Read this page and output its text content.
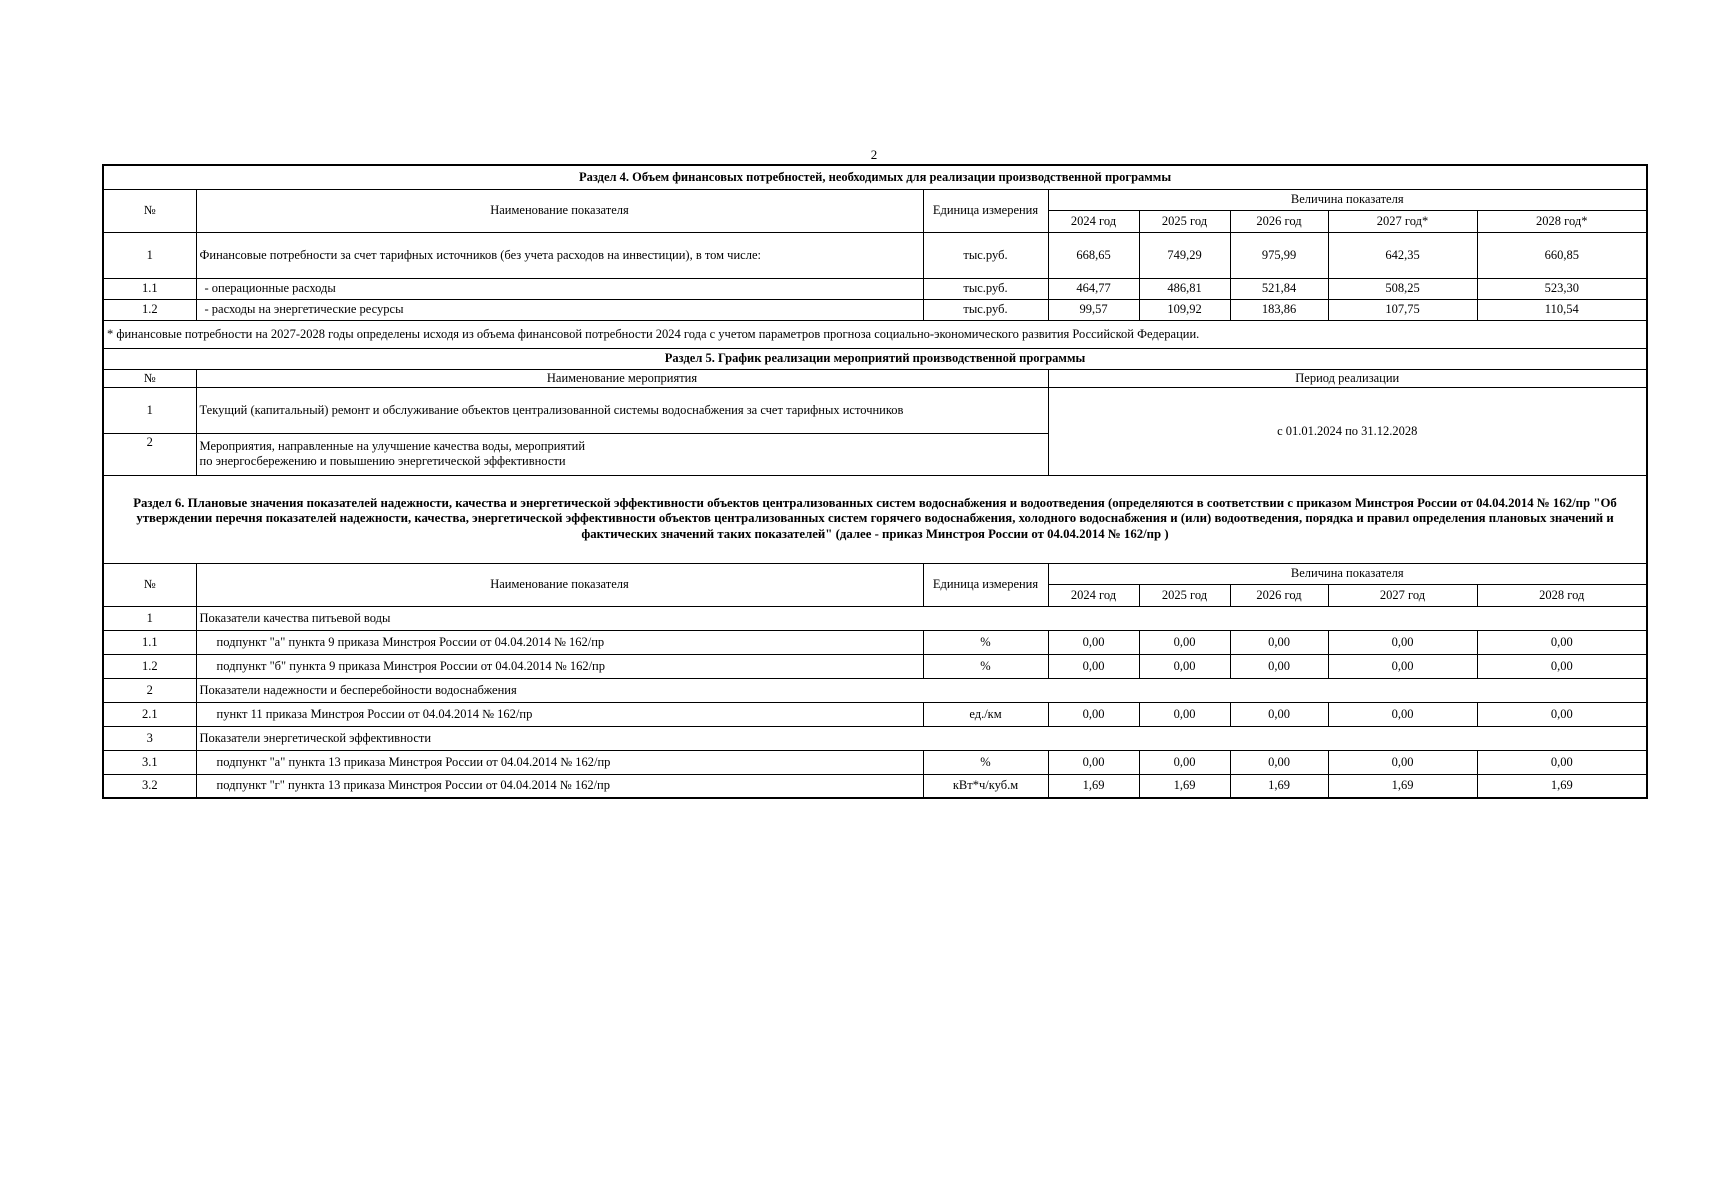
2
Раздел 4. Объем финансовых потребностей, необходимых для реализации производственной программы							
№	Наименование показателя	Единица измерения	Величина показателя				
			2024 год	2025 год	2026 год	2027 год*	2028 год*
1	Финансовые потребности за счет тарифных источников (без учета расходов на инвестиции), в том числе:	тыс.руб.	668,65	749,29	975,99	642,35	660,85
1.1	- операционные расходы	тыс.руб.	464,77	486,81	521,84	508,25	523,30
1.2	- расходы на энергетические ресурсы	тыс.руб.	99,57	109,92	183,86	107,75	110,54
* финансовые потребности на 2027-2028 годы определены исходя из объема финансовой потребности 2024 года с учетом параметров прогноза социально-экономического развития Российской Федерации.							
Раздел 5. График реализации мероприятий производственной программы							
№	Наименование мероприятия		Период реализации				
1	Текущий (капитальный) ремонт и обслуживание объектов централизованной системы водоснабжения за счет тарифных источников		с 01.01.2024 по 31.12.2028				
2	Мероприятия, направленные на улучшение качества воды, мероприятий
по энергосбережению и повышению энергетической эффективности						

Раздел 6. Плановые значения показателей надежности, качества и энергетической эффективности объектов централизованных систем водоснабжения и водоотведения (определяются в соответствии с приказом Минстроя России от 04.04.2014 № 162/пр "Об утверждении перечня показателей надежности, качества, энергетической эффективности объектов централизованных систем горячего водоснабжения, холодного водоснабжения и (или) водоотведения, порядка и правил определения плановых значений и фактических значений таких показателей" (далее - приказ Минстроя России от 04.04.2014 № 162/пр )							
№	Наименование показателя	Единица измерения	Величина показателя				
			2024 год	2025 год	2026 год	2027 год	2028 год
1	Показатели качества питьевой воды						
1.1	подпункт "а" пункта 9 приказа Минстроя России от 04.04.2014 № 162/пр	%	0,00	0,00	0,00	0,00	0,00
1.2	подпункт "б" пункта 9 приказа Минстроя России от 04.04.2014 № 162/пр	%	0,00	0,00	0,00	0,00	0,00
2	Показатели надежности и бесперебойности водоснабжения						
2.1	пункт 11 приказа Минстроя России от 04.04.2014 № 162/пр	ед./км	0,00	0,00	0,00	0,00	0,00
3	Показатели энергетической эффективности						
3.1	подпункт "а" пункта 13 приказа Минстроя России от 04.04.2014 № 162/пр	%	0,00	0,00	0,00	0,00	0,00
3.2	подпункт "г" пункта 13 приказа Минстроя России от 04.04.2014 № 162/пр	кВт*ч/куб.м	1,69	1,69	1,69	1,69	1,69
